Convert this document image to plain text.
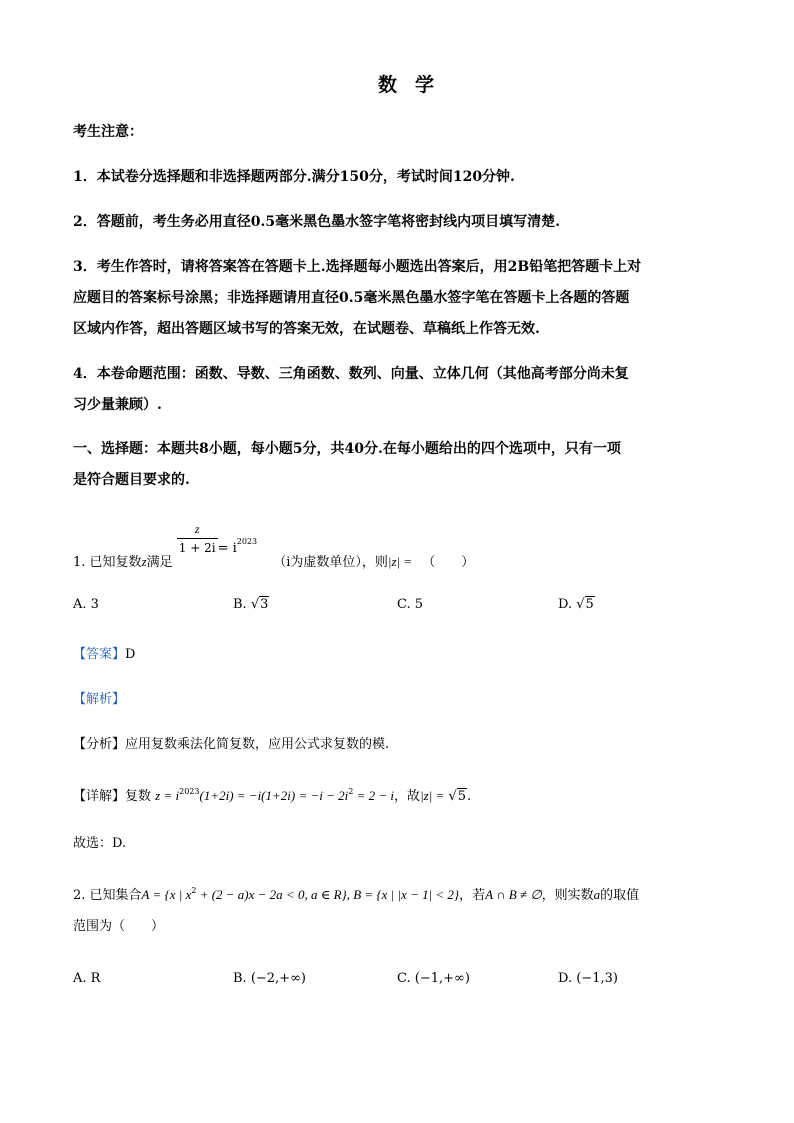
数学
考生注意：
1．本试卷分选择题和非选择题两部分.满分150分，考试时间120分钟.
2．答题前，考生务必用直径0.5毫米黑色墨水签字笔将密封线内项目填写清楚.
3．考生作答时，请将答案答在答题卡上.选择题每小题选出答案后，用2B铅笔把答题卡上对
应题目的答案标号涂黑；非选择题请用直径0.5毫米黑色墨水签字笔在答题卡上各题的答题
区域内作答，超出答题区域书写的答案无效，在试题卷、草稿纸上作答无效.
4．本卷命题范围：函数、导数、三角函数、数列、向量、立体几何（其他高考部分尚未复
习少量兼顾）.
一、选择题：本题共8小题，每小题5分，共40分.在每小题给出的四个选项中，只有一项
是符合题目要求的.
1. 已知复数z满足
$\frac{z}{1 + 2i} = i^{2023}$ （i为虚数单位），则|z| = （　　）
A. 3	B. √3	C. 5	D. √5
【答案】D
【解析】
【分析】应用复数乘法化简复数，应用公式求复数的模.
【详解】复数 $z = i^{2023}(1+2i) = -i(1+2i) = -i - 2i^2 = 2 - i$，故|z| = √5.
故选：D.
2. 已知集合A = {x | $x^2 + (2 - a)x - 2a < 0$, a ∈ R}, B = {x | |x − 1| < 2}，若A ∩ B ≠ ∅，则实数a的取值
范围为（　　）
A. R	B. (−2,+∞)	C. (−1,+∞)	D. (−1,3)
